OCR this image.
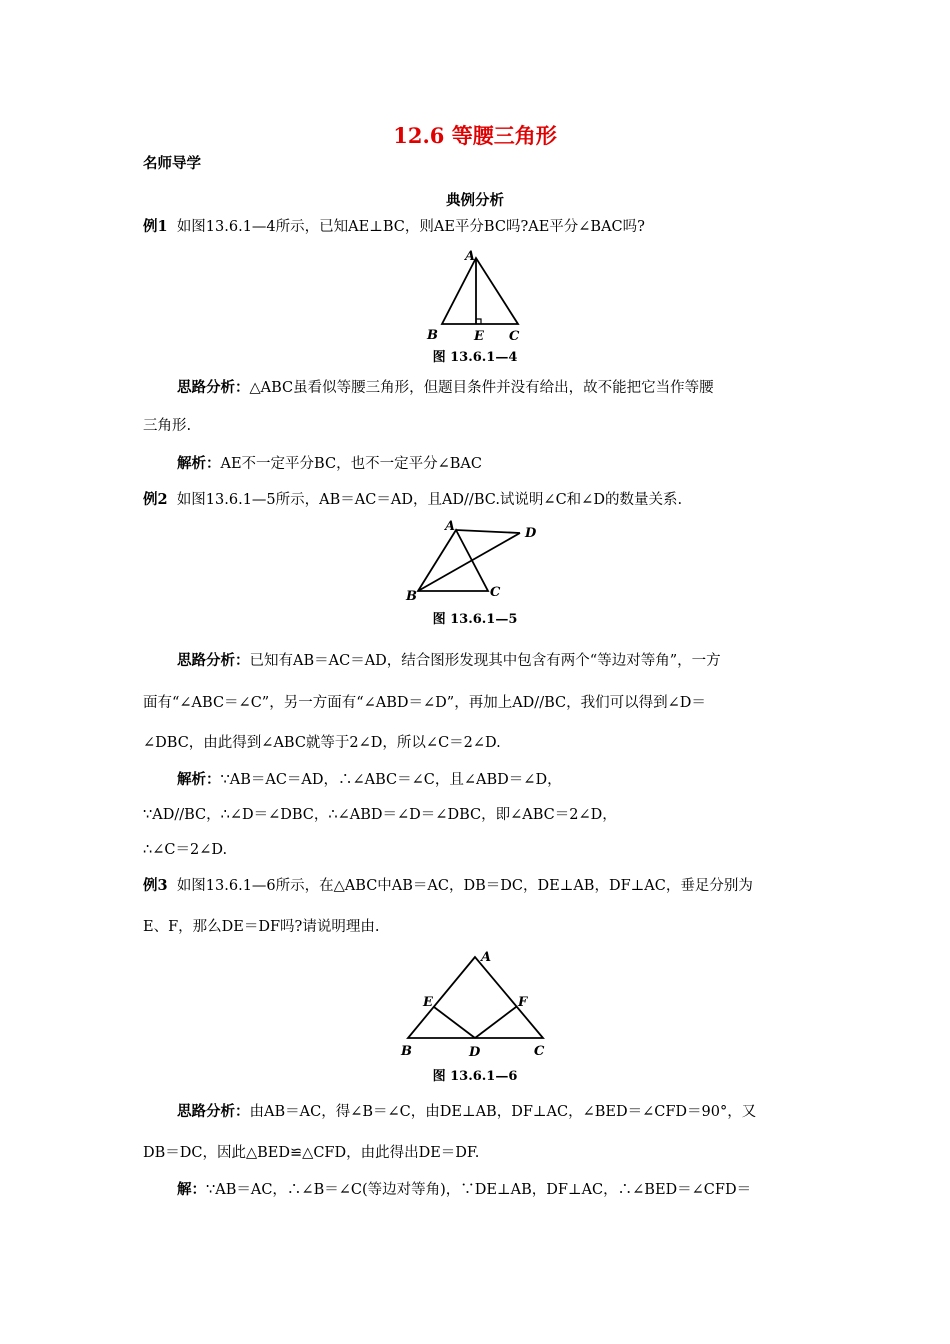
12.6 等腰三角形
名师导学
典例分析
例1 如图13.6.1—4所示，已知AE⊥BC，则AE平分BC吗?AE平分∠BAC吗?
A
B	E C
图 13.6.1—4
思路分析：△ABC虽看似等腰三角形，但题目条件并没有给出，故不能把它当作等腰
三角形.
解析：AE不一定平分BC，也不一定平分∠BAC
例2 如图13.6.1—5所示，AB＝AC＝AD，且AD//BC.试说明∠C和∠D的数量关系.
A	D
B	C
图 13.6.1—5
思路分析：已知有AB＝AC＝AD，结合图形发现其中包含有两个“等边对等角”，一方
面有“∠ABC＝∠C”，另一方面有“∠ABD＝∠D”，再加上AD//BC，我们可以得到∠D＝
∠DBC，由此得到∠ABC就等于2∠D，所以∠C＝2∠D.
解析：∵AB＝AC＝AD，∴∠ABC＝∠C，且∠ABD＝∠D，
∵AD//BC，∴∠D＝∠DBC，∴∠ABD＝∠D＝∠DBC，即∠ABC＝2∠D，
∴∠C＝2∠D.
例3 如图13.6.1—6所示，在△ABC中AB＝AC，DB＝DC，DE⊥AB，DF⊥AC，垂足分别为
E、F，那么DE＝DF吗?请说明理由.
A
E	F
B	D	C
图 13.6.1—6
思路分析：由AB＝AC，得∠B＝∠C，由DE⊥AB，DF⊥AC，∠BED＝∠CFD＝90°，又
DB＝DC，因此△BED≌△CFD，由此得出DE＝DF.
解：∵AB＝AC，∴∠B＝∠C(等边对等角)，∵DE⊥AB，DF⊥AC，∴∠BED＝∠CFD＝
